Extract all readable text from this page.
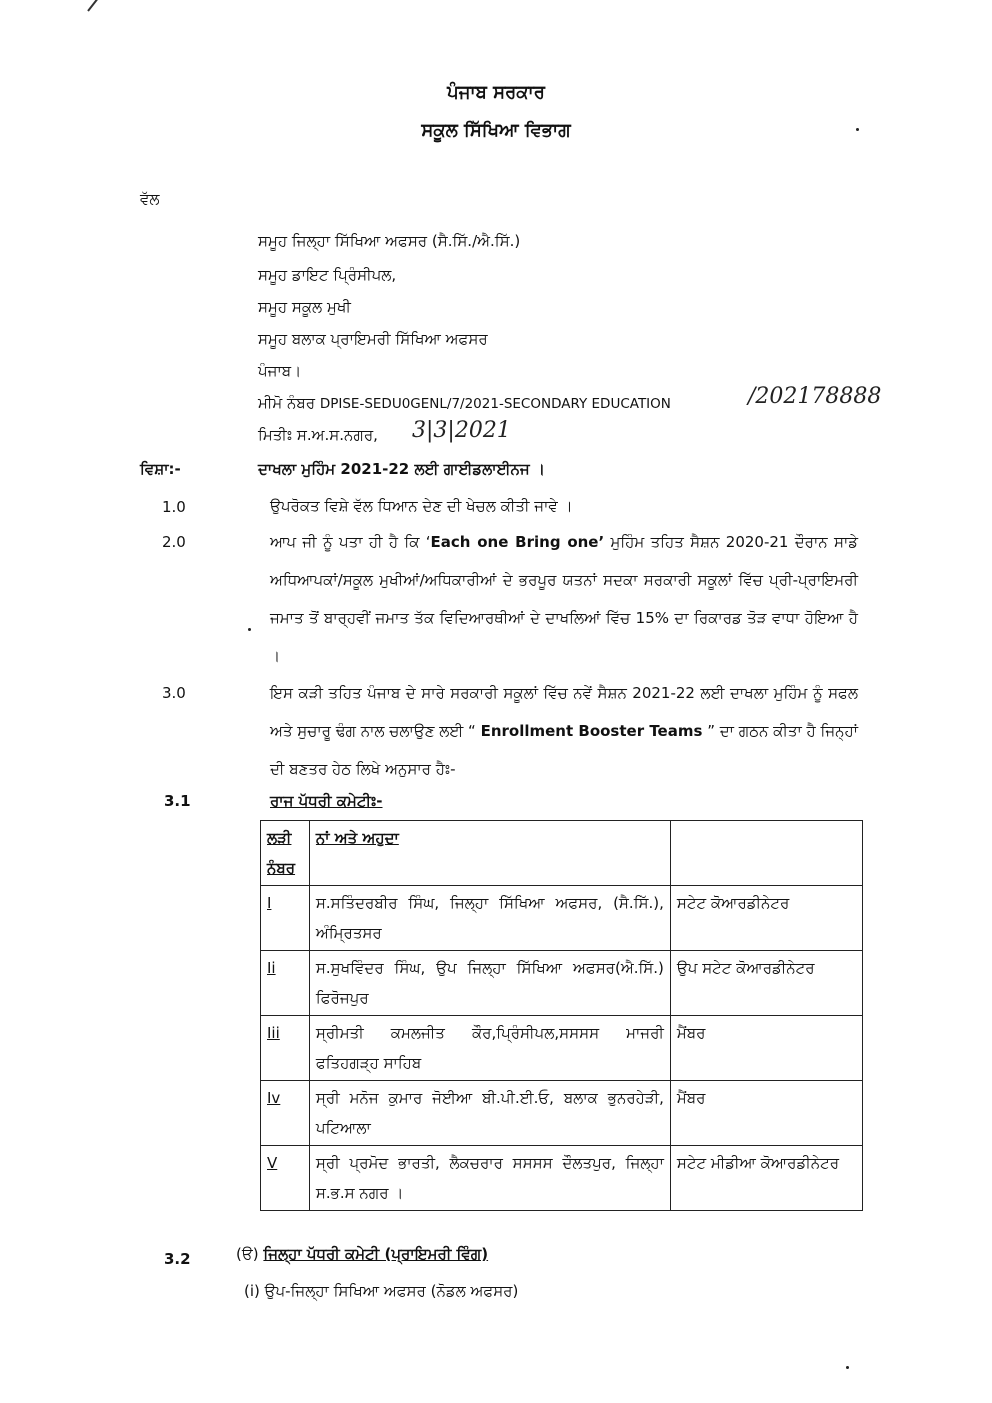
ਪੰਜਾਬ ਸਰਕਾਰ
ਸਕੂਲ ਸਿੱਖਿਆ ਵਿਭਾਗ
ਵੱਲ
ਸਮੂਹ ਜਿਲ੍ਹਾ ਸਿੱਖਿਆ ਅਫਸਰ (ਸੈ.ਸਿੱ./ਐ.ਸਿੱ.)
ਸਮੂਹ ਡਾਇਟ ਪ੍ਰਿੰਸੀਪਲ,
ਸਮੂਹ ਸਕੂਲ ਮੁਖੀ
ਸਮੂਹ ਬਲਾਕ ਪ੍ਰਾਇਮਰੀ ਸਿੱਖਿਆ ਅਫਸਰ
ਪੰਜਾਬ।
ਮੀਮੋ ਨੰਬਰ DPISE-SEDU0GENL/7/2021-SECONDARY EDUCATION	/202178888
ਮਿਤੀਃ ਸ.ਅ.ਸ.ਨਗਰ, 3|3|2021
ਵਿਸ਼ਾ:-	ਦਾਖਲਾ ਮੁਹਿੰਮ 2021-22 ਲਈ ਗਾਈਡਲਾਈਨਜ ।
1.0	ਉਪਰੋਕਤ ਵਿਸ਼ੇ ਵੱਲ ਧਿਆਨ ਦੇਣ ਦੀ ਖੇਚਲ ਕੀਤੀ ਜਾਵੇ ।
2.0	ਆਪ ਜੀ ਨੂੰ ਪਤਾ ਹੀ ਹੈ ਕਿ ‘Each one Bring one’ ਮੁਹਿੰਮ ਤਹਿਤ ਸੈਸ਼ਨ 2020-21 ਦੌਰਾਨ ਸਾਡੇ ਅਧਿਆਪਕਾਂ/ਸਕੂਲ ਮੁਖੀਆਂ/ਅਧਿਕਾਰੀਆਂ ਦੇ ਭਰਪੂਰ ਯਤਨਾਂ ਸਦਕਾ ਸਰਕਾਰੀ ਸਕੂਲਾਂ ਵਿੱਚ ਪ੍ਰੀ-ਪ੍ਰਾਇਮਰੀ ਜਮਾਤ ਤੋਂ ਬਾਰ੍ਹਵੀਂ ਜਮਾਤ ਤੱਕ ਵਿਦਿਆਰਥੀਆਂ ਦੇ ਦਾਖਲਿਆਂ ਵਿੱਚ 15% ਦਾ ਰਿਕਾਰਡ ਤੋੜ ਵਾਧਾ ਹੋਇਆ ਹੈ ।
3.0	ਇਸ ਕੜੀ ਤਹਿਤ ਪੰਜਾਬ ਦੇ ਸਾਰੇ ਸਰਕਾਰੀ ਸਕੂਲਾਂ ਵਿੱਚ ਨਵੇਂ ਸੈਸ਼ਨ 2021-22 ਲਈ ਦਾਖਲਾ ਮੁਹਿੰਮ ਨੂੰ ਸਫਲ ਅਤੇ ਸੁਚਾਰੂ ਢੰਗ ਨਾਲ ਚਲਾਉਣ ਲਈ “ Enrollment Booster Teams ” ਦਾ ਗਠਨ ਕੀਤਾ ਹੈ ਜਿਨ੍ਹਾਂ ਦੀ ਬਣਤਰ ਹੇਠ ਲਿਖੇ ਅਨੁਸਾਰ ਹੈਃ-
3.1	ਰਾਜ ਪੱਧਰੀ ਕਮੇਟੀਃ-
ਲੜੀ ਨੰਬਰ	ਨਾਂ ਅਤੇ ਅਹੁਦਾ	
I	ਸ.ਸਤਿੰਦਰਬੀਰ ਸਿੰਘ, ਜਿਲ੍ਹਾ ਸਿੱਖਿਆ ਅਫਸਰ, (ਸੈ.ਸਿੱ.), ਅੰਮ੍ਰਿਤਸਰ	ਸਟੇਟ ਕੋਆਰਡੀਨੇਟਰ
Ii	ਸ.ਸੁਖਵਿੰਦਰ ਸਿੰਘ, ਉਪ ਜਿਲ੍ਹਾ ਸਿੱਖਿਆ ਅਫਸਰ(ਐ.ਸਿੱ.) ਫਿਰੋਜਪੁਰ	ਉਪ ਸਟੇਟ ਕੋਆਰਡੀਨੇਟਰ
Iii	ਸ੍ਰੀਮਤੀ ਕਮਲਜੀਤ ਕੌਰ,ਪ੍ਰਿੰਸੀਪਲ,ਸਸਸਸ ਮਾਜਰੀ ਫਤਿਹਗੜ੍ਹ ਸਾਹਿਬ	ਮੈਂਬਰ
Iv	ਸ੍ਰੀ ਮਨੋਜ ਕੁਮਾਰ ਜੋਈਆ ਬੀ.ਪੀ.ਈ.ਓ, ਬਲਾਕ ਭੁਨਰਹੇੜੀ, ਪਟਿਆਲਾ	ਮੈਂਬਰ
V	ਸ੍ਰੀ ਪ੍ਰਮੋਦ ਭਾਰਤੀ, ਲੈਕਚਰਾਰ ਸਸਸਸ ਦੌਲਤਪੁਰ, ਜਿਲ੍ਹਾ ਸ.ਭ.ਸ ਨਗਰ ।	ਸਟੇਟ ਮੀਡੀਆ ਕੋਆਰਡੀਨੇਟਰ
3.2	(ੳ) ਜਿਲ੍ਹਾ ਪੱਧਰੀ ਕਮੇਟੀ (ਪ੍ਰਾਇਮਰੀ ਵਿੰਗ)
(i) ਉਪ-ਜਿਲ੍ਹਾ ਸਿਖਿਆ ਅਫਸਰ (ਨੋਡਲ ਅਫਸਰ)
